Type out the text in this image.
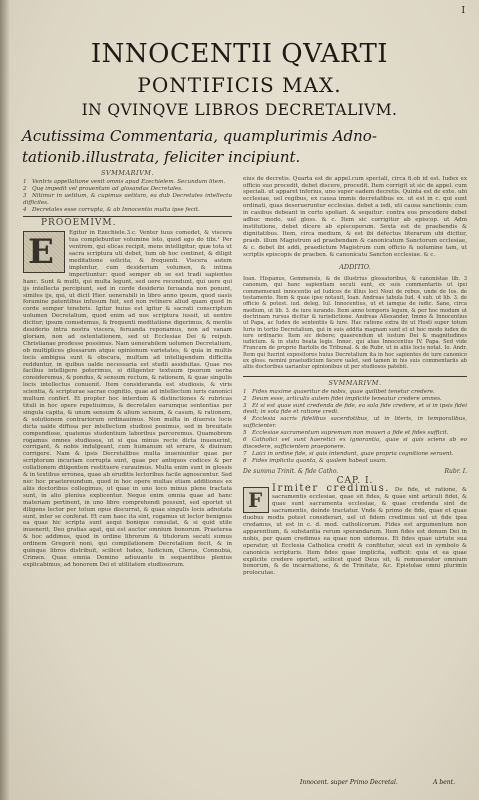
I
INNOCENTII QVARTI
PONTIFICIS MAX.
IN QVINQVE LIBROS DECRETALIVM.
Acutissima Commentaria, quamplurimis Adno-
tationib.illustrata, feliciter incipiunt.
SVMMARIVM.
1 Ventris appellatione venit omnis apud Ezechielem. Secundum litem.
2 Quę impedit vel prouentum ad glosandas Decretales.
3 Nitimur in uetitum, & cupimus uetitam, ea dub Decretales intellectu difficiles.
4 Decretales esse corrupta, & ab Innocentio multa ipse fecit.
PROOEMIVM.
E	Egitur in Ezechiele.3.c. Venter tuus comedet, & viscera tua complebuntur volumine isto, quod ego do tibi.¹ Per ventrem, qui elicas recipit, mens intelligitur, quæ tota ut sacra scriptura uti debet, tum ob hoc continet, & diligit meditatione solicita, & frequenti. Viscera autem implentur, cum desiderium volumen, & intima impertiuntur: quod semper ob se est tradi sapientes hanc. Sunt & multi, qui multa legunt, sed uere recondunt, qui uere qui ijs intellecta percipiunt, sed in corde desiderio feruanda non ponunt, similes ijs, qui, ut dicit Hier. uenerabili in libro anno ipsum, quod uasis foramine patentibus infusum fuit, sed non retinere aliud quam quod in corde semper tenebris. Igitur huius est igitur & sacrati conscriptum uolumen Decretalium, quod enim ad nos scriptura iussit, ut uentre dicitur; ipsum comedemus, & frequenti meditatione digerimus, & mentis desiderio intra nostra viscera, feruanda reponamus, non ad vanam gloriam, non ad ostentationem, sed ut Ecclesiae Dei & reipub. Christianae prodesse possimus. Nam uenerabilem uolumen Decretalium, ob multiplices glossarum atque opinionum varietates, & quia in multis locis ambigua sunt & obscura, multum ad intelligendum difficilia redduntur, in quibus ualde necessaria est studii assiduitas. Quae res facilius intelligere poterimus, si diligenter textuum ipsorum uerba consideremus, & pondus, & sensum rectum, & rationem, & quae singulis locis intellectus conuenit. Item consideranda est studiosis, & viris scientia, & scripturae sacrae cognitio, quae ad intellectum iuris canonici multum confert. Et propter hoc interdum & distinctiones & rubricas tituli in hoc opere repetiuimus, & decretales earumque sententias per singula capita, & unum sensum & alium sensum, & casum, & rationem, & solutionem contrariorum ordinauimus. Non multa in diuersis locis dicta ualde diffusa per intellectum studiosi ponimus, sed in breuitate compendiose, quatenus studentium laboribus parceremus. Quamobrem rogamus omnes studiosos, ut si qua minus recte dicta inuenerint, corrigant, & nobis indulgeant, cum humanum sit errare, & diuinum corrigere. Nam & ipsis Decretalibus multa inueniuntur quae per scriptorum incuriam corrupta sunt, quae per antiquos codices & per collationem diligentem restituere curauimus. Multa enim sunt in glossis & in textibus erronea, quae ab eruditis lectoribus facile agnoscentur. Sed nec hoc praetereundum, quod in hoc opere multas etiam additiones ex aliis doctoribus collegimus, ut quae in uno loco minus plene tractata sunt, in alio plenius explicentur. Neque enim omnia quae ad hanc materiam pertinent, in uno libro comprehendi possunt, sed oportet ut diligens lector per totum opus discurrat, & quae singulis locis adnotata sunt, inter se conferat. Et cum haec ita sint, rogamus ut lector benignus ea quae hic scripta sunt aequi bonique consulat, & si quid utile inuenerit, Deo gratias agat, qui est auctor omnium bonorum. Praeterea & hoc addimus, quod in ordine librorum & titulorum secuti sumus ordinem Gregorii noni, qui compilationem Decretalium fecit, & in quinque libros distribuit, scilicet Iudex, Iudicium, Clerus, Connubia, Crimen. Quae omnia Domino adiuuante in sequentibus plenius explicabimus, ad honorem Dei et utilitatem studiosorum.

eius de decretis. Quarta est de appel.cum speciali, circa fi.ob id est. Iudex ex officio suo procedit, debet discere, procedit. Item corrigit ut sic de appel. cum speciali. ut apparet inferius, uno super eadem decretis. Quinta est de exte. ubi ecclesiae, uel regibus, ex causa immis decretalibus ex. ut est in c. qui sunt ordinati, quas deserueruntur ecclesias. debet a isdi, uti causa sanctionis: cum in casibus debeant in certo spoliari. & sequitur: contra eos procedere debet adhuc modo, uel gloss. & c. Item sic corrigitur ab episcop. ut Adm institutione, debet dicere ab episcoporum. Sexta est de praebendis & dignitatibus. Item, circa medium, & est ibi defectus literarum ubi dicitur, praeb. illum Magistrum ad praebendam & canonicatum Sanctorum ecclesiae, & c. debet ibi addi, praedictum Magistrum cum officio & uolumine tam, ut scriptis episcopis de praeben. & canonicatu Sancton ecclesiae. & c.

ADDITIO.

Ioan. Hispanus, Gemmensis, & de illustrius glossatoribus, & canonistae lib. 3 canonum, qui hanc sapientiam secuti sunt, ex suis commentariis ut ipsi commemorant innocentio ad Iudices de illius loci Noui de rebus, unde de Ios. de testamento. Item & quae ipse notauit, Ioan. Andreas tabula Iud. 4 sub. ut lib. 3. de officio & potest. iud. deleg. Iul. Innocentius, ut et iamque de iudic. Sane, circa medium, ut lib. 3. de iure iurando. Item anno temporis legum, & per hoc modum ut doctrinam rursus dicitur & iurisdictione. Andreas Allexander, Immo & Innocentius ut Papa, ac Iudex de sententiis & iure. Hac ratione extra ibi ut Hosti super totum Iuris in tertio Decretalium, qui in suis addita magnam sunt et ut hoc modo iudex de iure ordinario: Item sic debere; quaerendum ut iustum Dei & magnitudines iudicium. & in statu beata legis. Innoc. qui alias Innocentius IV. Papa. Sed vide Francum de proprio Bartolis de Tribunal. & de Rubr. ut in aliis locis notat. Io. Andr. Item qui fuerint expositores huius Decretalium ita in hoc sapientes de iure canonico ex gloss. nemini praeiudicium facere ualet, sed tamen in his suis commentariis ab aliis doctoribus uariantur opinionibus ut per studiosos patebit.

SVMMARIVM.
1 Fides maxime quaeritur de nobis, quae quilibet tenetur credere.
2 Deum esse, articulis autem fidei implicite teneatur credere omnes.
3 Et si est quae sunt credenda de fide, ea sola fide credere, et si in ipsis fidei desit; in sola fide et ratione credi.
4 Ecclesia sacris fidelibus sacerdotibus, ut in literis, in temporalibus, sufficienter.
5 Ecclesiae sacramentum supremum non moueri a fide et fides sufficit.
6 Catholici vel sunt haeretici ex ignorantia, quae si quis sciens ab eo discedere, sufficientem praeponere.
7 Laici in ordine fide, si quis intendunt, quae propria cognitione seruent.
8 Fides implicita quanta, & qualem habeat usum.
De summa Trinit. & fide Catho.	Rubr. I.
CAP. I.
F Irmiter credimus. De fide, et ratione, & sacramentis ecclesiae, quae sit fides, & quae sint articuli fidei, & quae sunt sacramenta ecclesiae, & quae credenda sint de sacramentis, deinde tractatur. Vnde & primo de fide, quae et quae duobus modis potest considerari, uel ut fidem credimus uel ut fide ipsa credamus, ut est in c. d. mod. catholicorum. Fides est argumentum non apparentium, & substantia rerum sperandarum. Item fides est donum Dei in nobis, per quam credimus ea quae non uidemus. Et fides quae uirtute sua operatur, ut Ecclesia Catholica credit & confitetur, sicut est in symbolo & canonicis scripturis. Item fides quae implicita, sufficit: quia et ea quae explicite credere oportet, scilicet quod Deus sit, & remunerator omnium bonorum, & de incarnatione, & de Trinitate, &c. Epistolae omni plurimis prolocutae.
Innocent. super Primo Decretal.	A bent.
